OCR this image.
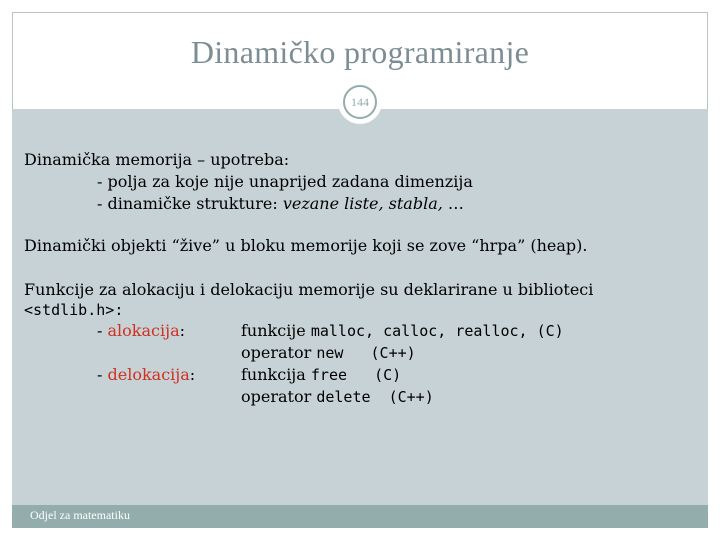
Dinamičko programiranje
Odjel za matematiku
144
Dinamička memorija – upotreba:
- polja za koje nije unaprijed zadana dimenzija
- dinamičke strukture: vezane liste, stabla, …
Dinamički objekti “žive” u bloku memorije koji se zove “hrpa” (heap).
Funkcije za alokaciju i delokaciju memorije su deklarirane u biblioteci
<stdlib.h>:
- alokacija:	funkcije malloc, calloc, realloc, (C)
operator new   (C++)
- delokacija:	funkcija free   (C)
operator delete  (C++)
